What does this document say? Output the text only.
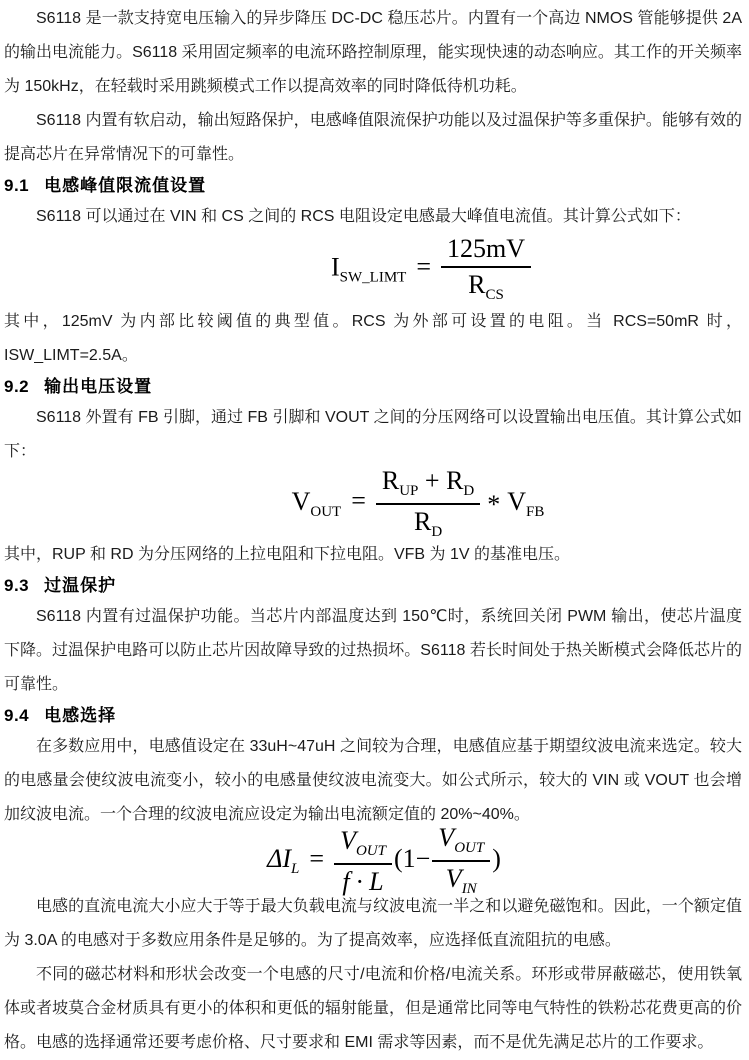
S6118 是一款支持宽电压输入的异步降压 DC-DC 稳压芯片。内置有一个高边 NMOS 管能够提供 2A 的输出电流能力。S6118 采用固定频率的电流环路控制原理，能实现快速的动态响应。其工作的开关频率为 150kHz，在轻载时采用跳频模式工作以提高效率的同时降低待机功耗。

S6118 内置有软启动，输出短路保护，电感峰值限流保护功能以及过温保护等多重保护。能够有效的提高芯片在异常情况下的可靠性。

9.1 电感峰值限流值设置

S6118 可以通过在 VIN 和 CS 之间的 RCS 电阻设定电感最大峰值电流值。其计算公式如下：

$I_{SW\_LIMT} = \frac{125mV}{R_{CS}}$

其中，125mV 为内部比较阈值的典型值。RCS 为外部可设置的电阻。当 RCS=50mR 时，ISW_LIMT=2.5A。

9.2 输出电压设置

S6118 外置有 FB 引脚，通过 FB 引脚和 VOUT 之间的分压网络可以设置输出电压值。其计算公式如下：

$V_{OUT} = \frac{R_{UP} + R_D}{R_D} * V_{FB}$

其中，RUP 和 RD 为分压网络的上拉电阻和下拉电阻。VFB 为 1V 的基准电压。

9.3 过温保护

S6118 内置有过温保护功能。当芯片内部温度达到 150℃时，系统回关闭 PWM 输出，使芯片温度下降。过温保护电路可以防止芯片因故障导致的过热损坏。S6118 若长时间处于热关断模式会降低芯片的可靠性。

9.4 电感选择

在多数应用中，电感值设定在 33uH~47uH 之间较为合理，电感值应基于期望纹波电流来选定。较大的电感量会使纹波电流变小，较小的电感量使纹波电流变大。如公式所示，较大的 VIN 或 VOUT 也会增加纹波电流。一个合理的纹波电流应设定为输出电流额定值的 20%~40%。

$\Delta I_L = \frac{V_{OUT}}{f \cdot L} (1- \frac{V_{OUT}}{V_{IN}}$ )

电感的直流电流大小应大于等于最大负载电流与纹波电流一半之和以避免磁饱和。因此，一个额定值为 3.0A 的电感对于多数应用条件是足够的。为了提高效率，应选择低直流阻抗的电感。

不同的磁芯材料和形状会改变一个电感的尺寸/电流和价格/电流关系。环形或带屏蔽磁芯，使用铁氧体或者坡莫合金材质具有更小的体积和更低的辐射能量，但是通常比同等电气特性的铁粉芯花费更高的价格。电感的选择通常还要考虑价格、尺寸要求和 EMI 需求等因素，而不是优先满足芯片的工作要求。
